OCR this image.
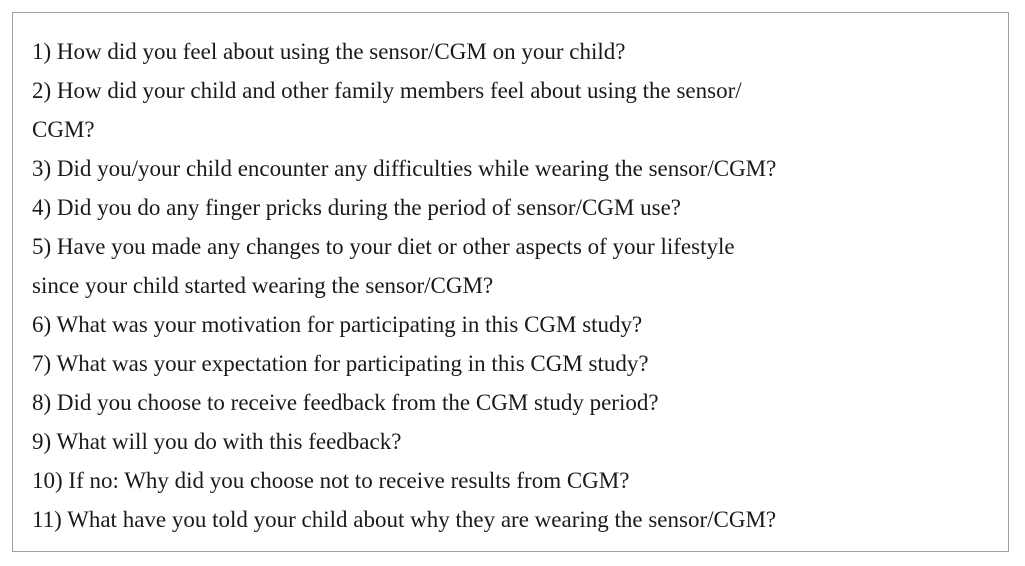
1) How did you feel about using the sensor/CGM on your child?
2) How did your child and other family members feel about using the sensor/
CGM?
3) Did you/your child encounter any difficulties while wearing the sensor/CGM?
4) Did you do any finger pricks during the period of sensor/CGM use?
5) Have you made any changes to your diet or other aspects of your lifestyle
since your child started wearing the sensor/CGM?
6) What was your motivation for participating in this CGM study?
7) What was your expectation for participating in this CGM study?
8) Did you choose to receive feedback from the CGM study period?
9) What will you do with this feedback?
10) If no: Why did you choose not to receive results from CGM?
11) What have you told your child about why they are wearing the sensor/CGM?
